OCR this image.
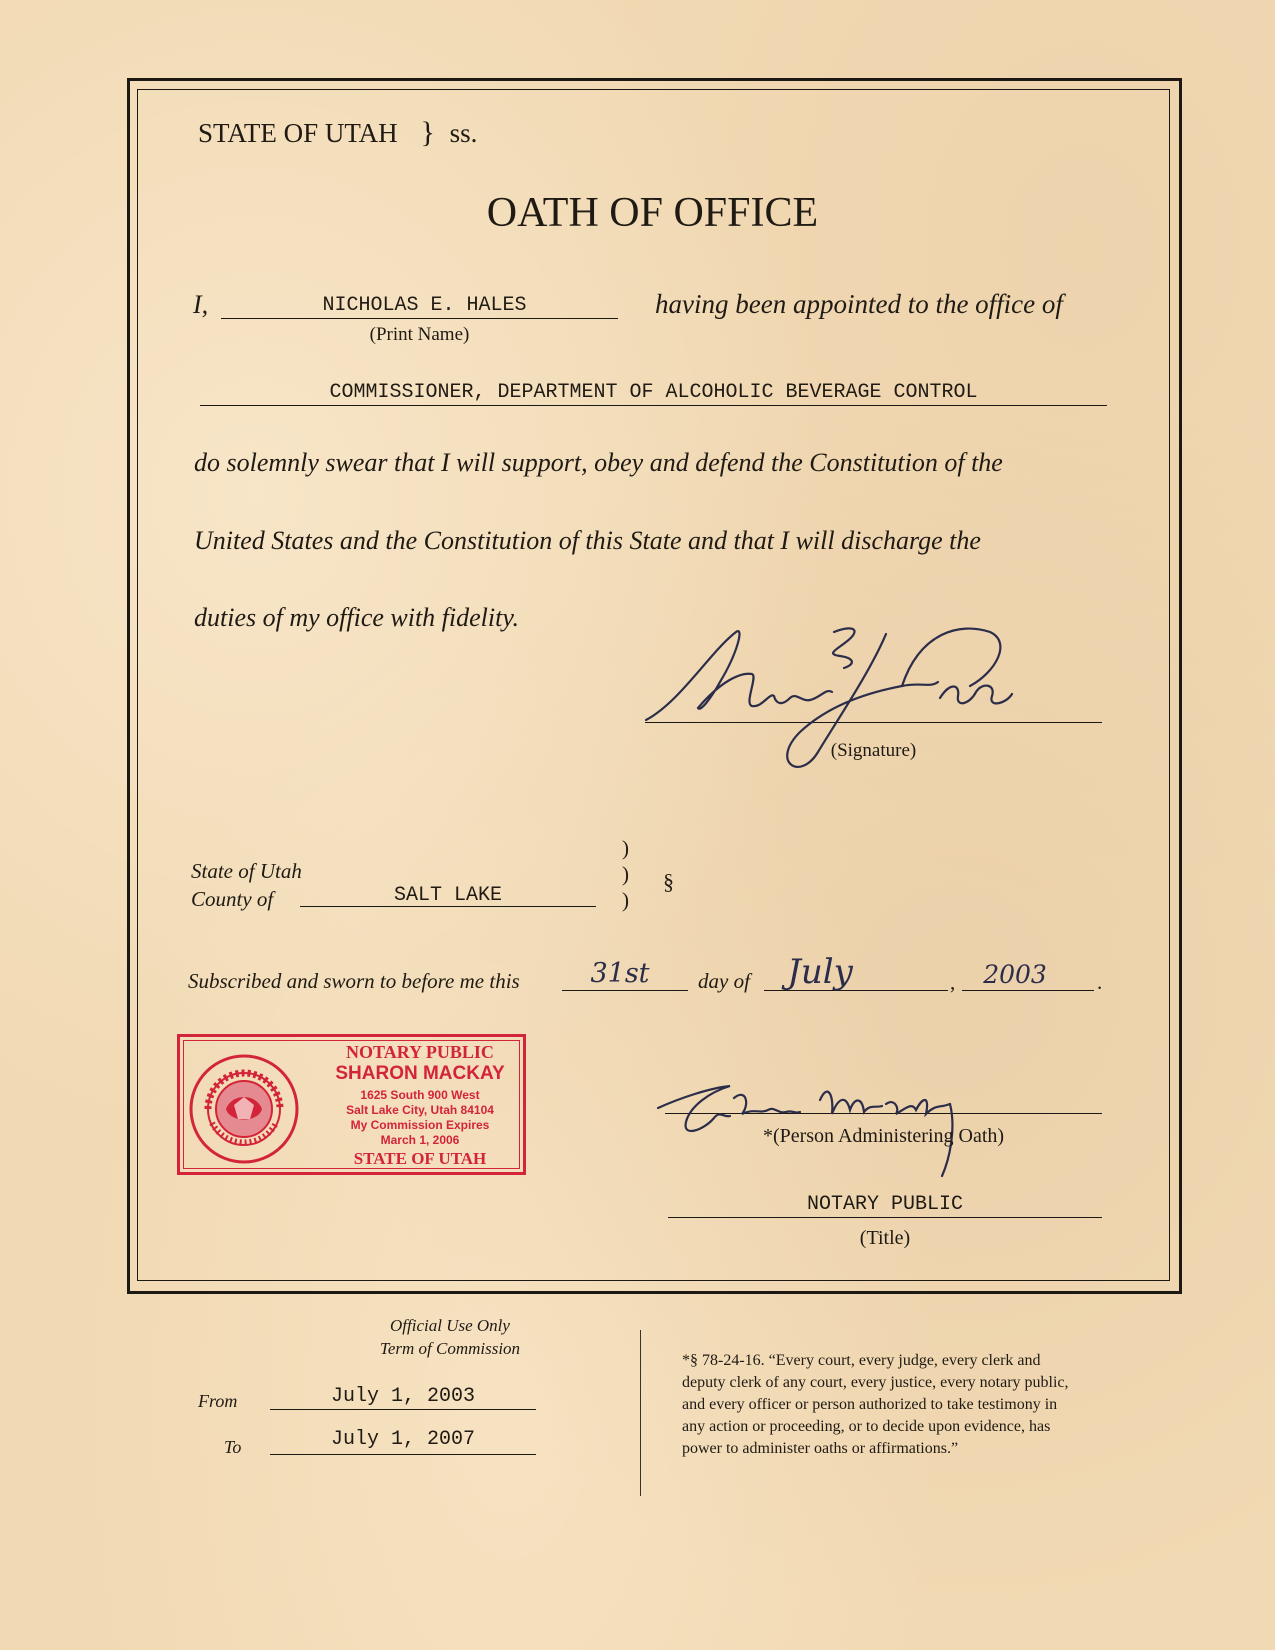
STATE OF UTAH } ss.
OATH OF OFFICE
I,	NICHOLAS E. HALES
(Print Name)
having been appointed to the office of
COMMISSIONER, DEPARTMENT OF ALCOHOLIC BEVERAGE CONTROL
do solemnly swear that I will support, obey and defend the Constitution of the
United States and the Constitution of this State and that I will discharge the
duties of my office with fidelity.
(Signature)
State of Utah
County of	SALT LAKE
)
)
)
§
Subscribed and sworn to before me this	31st	day of	July	,	2003	.
NOTARY PUBLIC
SHARON MACKAY
1625 South 900 West
Salt Lake City, Utah 84104
My Commission Expires
March 1, 2006
STATE OF UTAH
*(Person Administering Oath)
NOTARY PUBLIC
(Title)
Official Use Only
Term of Commission
From	July 1, 2003
To	July 1, 2007
*§ 78-24-16. “Every court, every judge, every clerk and
deputy clerk of any court, every justice, every notary public,
and every officer or person authorized to take testimony in
any action or proceeding, or to decide upon evidence, has
power to administer oaths or affirmations.”
